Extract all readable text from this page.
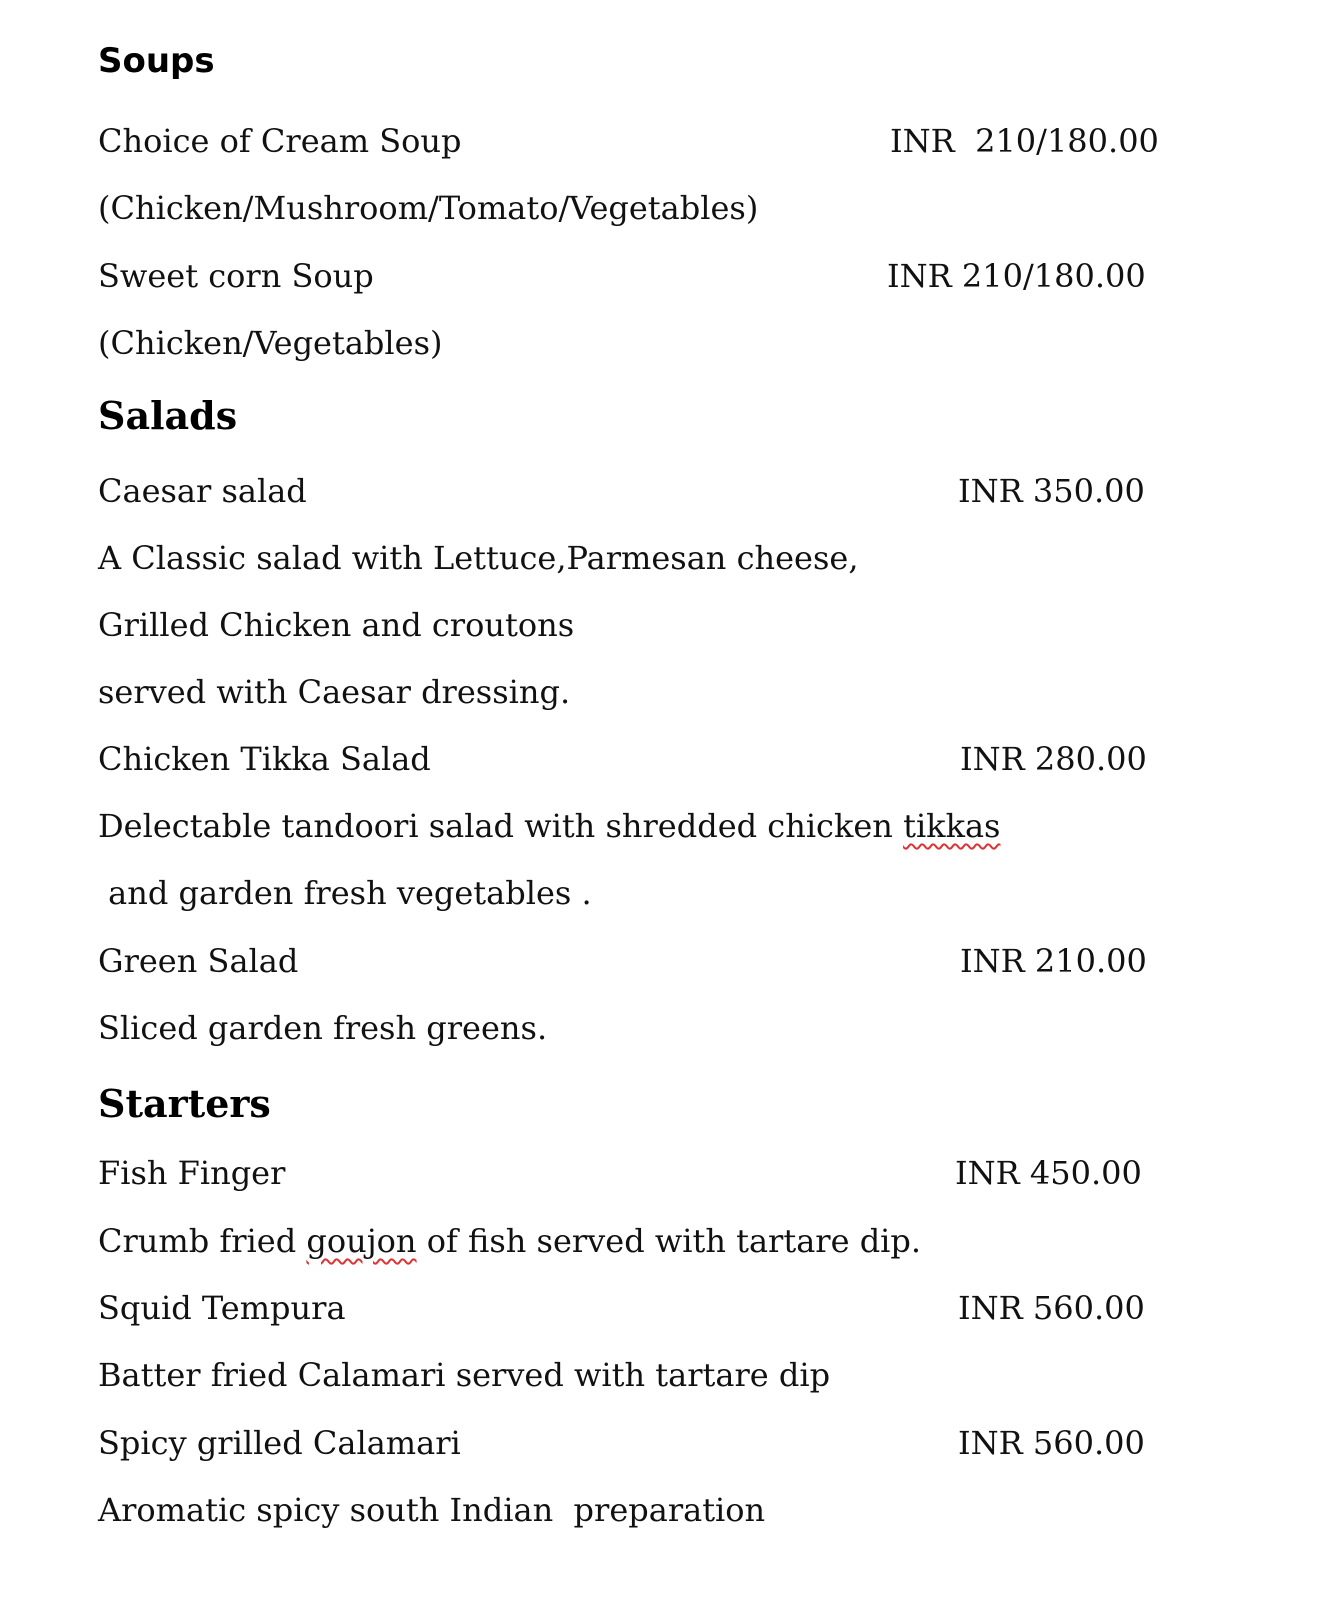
Soups
Choice of Cream Soup	INR  210/180.00
(Chicken/Mushroom/Tomato/Vegetables)
Sweet corn Soup	INR 210/180.00
(Chicken/Vegetables)
Salads
Caesar salad	INR 350.00
A Classic salad with Lettuce,Parmesan cheese,
Grilled Chicken and croutons
served with Caesar dressing.
Chicken Tikka Salad	INR 280.00
Delectable tandoori salad with shredded chicken tikkas
and garden fresh vegetables .
Green Salad	INR 210.00
Sliced garden fresh greens.
Starters
Fish Finger	INR 450.00
Crumb fried goujon of fish served with tartare dip.
Squid Tempura	INR 560.00
Batter fried Calamari served with tartare dip
Spicy grilled Calamari	INR 560.00
Aromatic spicy south Indian  preparation
